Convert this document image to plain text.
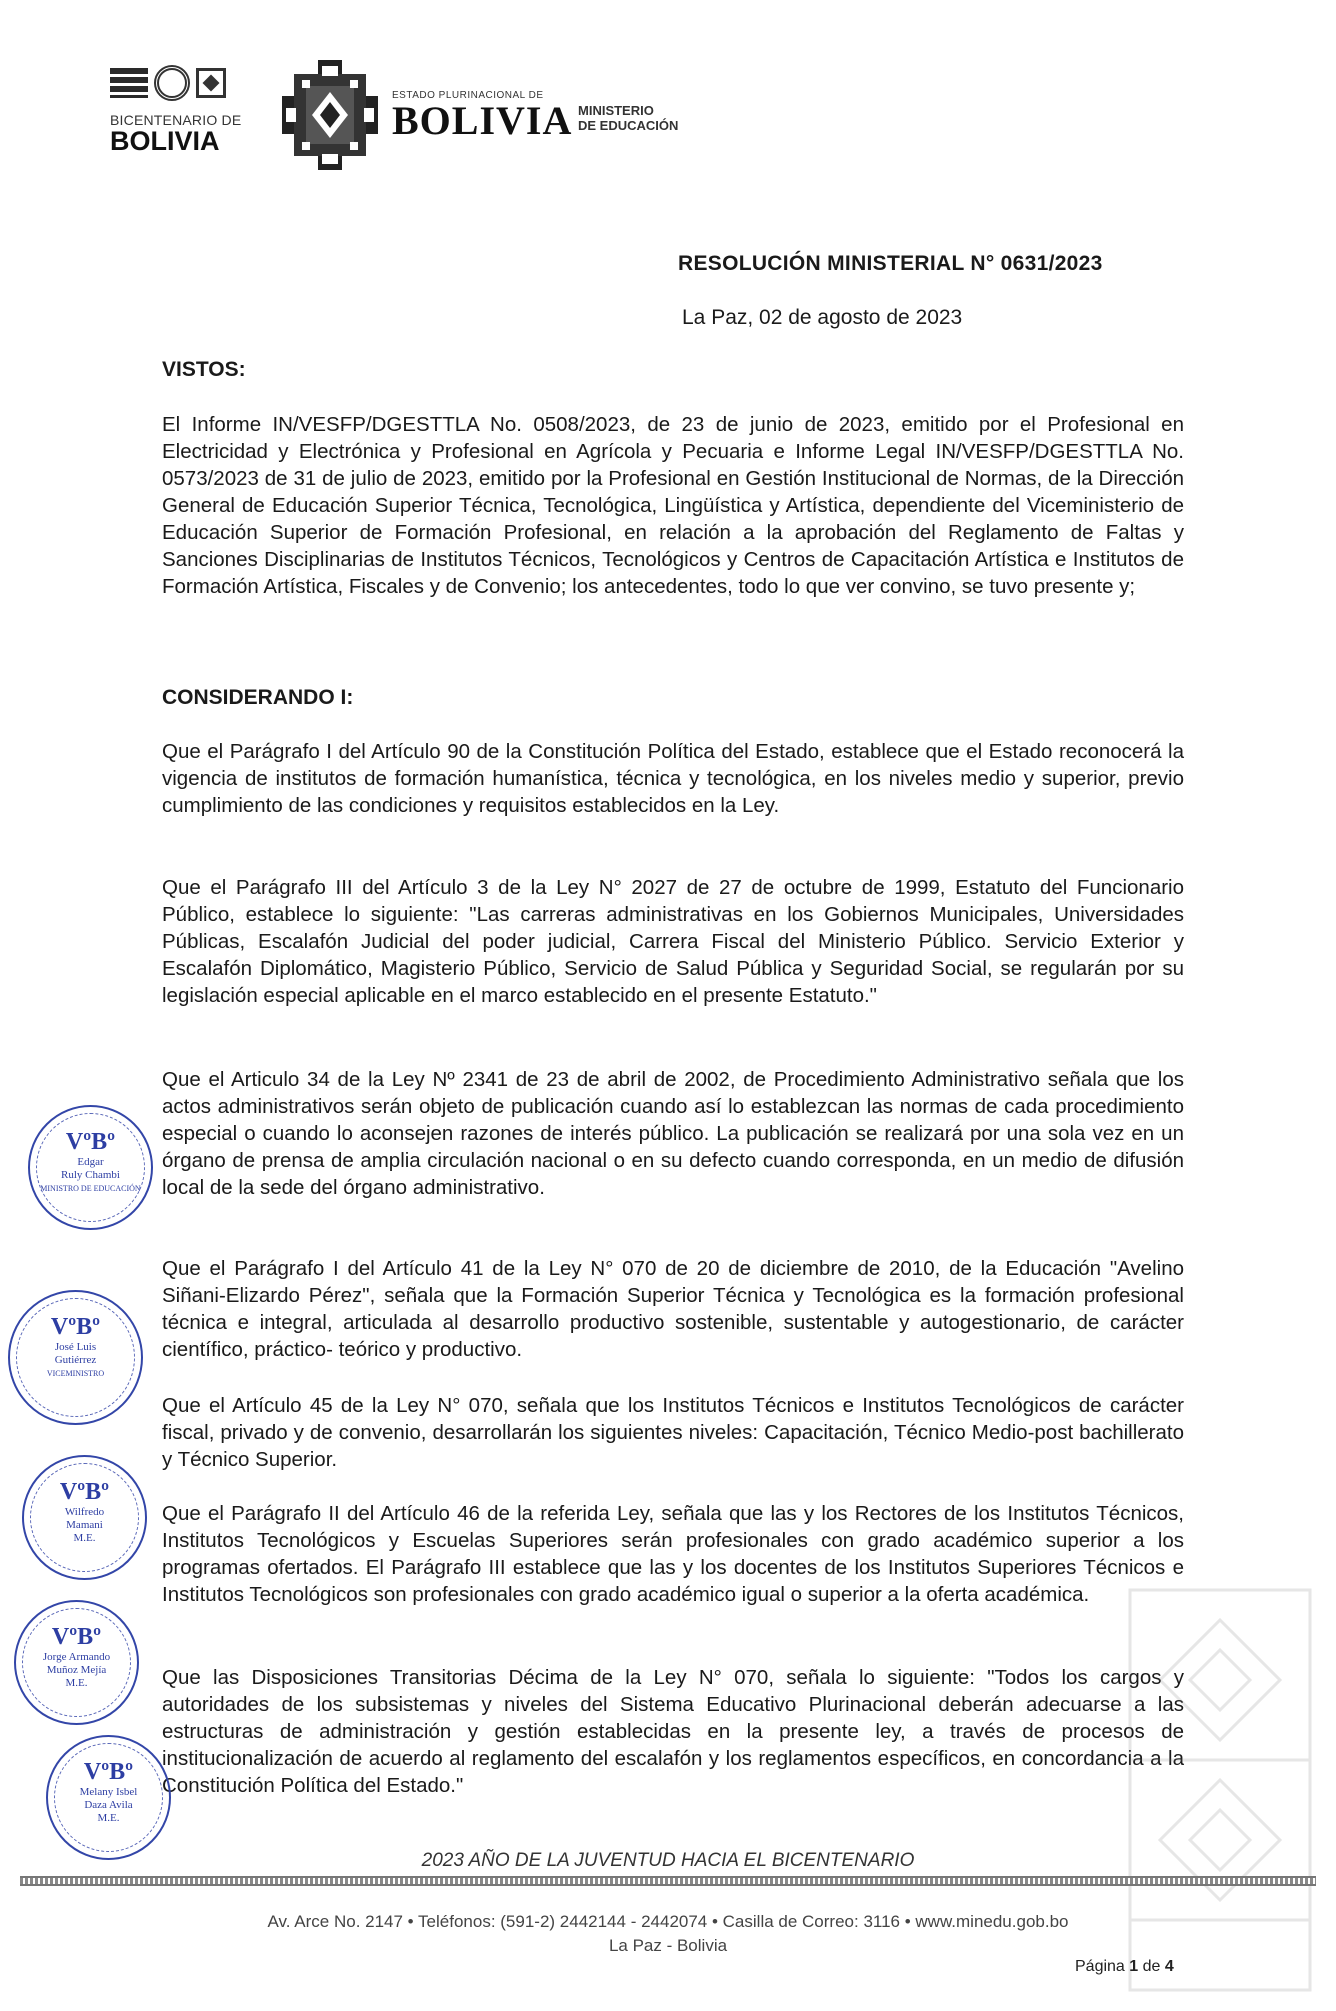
BICENTENARIO DE
BOLIVIA
ESTADO PLURINACIONAL DE
BOLIVIA MINISTERIO
DE EDUCACIÓN
RESOLUCIÓN MINISTERIAL N° 0631/2023
La Paz, 02 de agosto de 2023
VISTOS:
El Informe IN/VESFP/DGESTTLA No. 0508/2023, de 23 de junio de 2023, emitido por el Profesional en Electricidad y Electrónica y Profesional en Agrícola y Pecuaria e Informe Legal IN/VESFP/DGESTTLA No. 0573/2023 de 31 de julio de 2023, emitido por la Profesional en Gestión Institucional de Normas, de la Dirección General de Educación Superior Técnica, Tecnológica, Lingüística y Artística, dependiente del Viceministerio de Educación Superior de Formación Profesional, en relación a la aprobación del Reglamento de Faltas y Sanciones Disciplinarias de Institutos Técnicos, Tecnológicos y Centros de Capacitación Artística e Institutos de Formación Artística, Fiscales y de Convenio; los antecedentes, todo lo que ver convino, se tuvo presente y;
CONSIDERANDO I:
Que el Parágrafo I del Artículo 90 de la Constitución Política del Estado, establece que el Estado reconocerá la vigencia de institutos de formación humanística, técnica y tecnológica, en los niveles medio y superior, previo cumplimiento de las condiciones y requisitos establecidos en la Ley.
Que el Parágrafo III del Artículo 3 de la Ley N° 2027 de 27 de octubre de 1999, Estatuto del Funcionario Público, establece lo siguiente: "Las carreras administrativas en los Gobiernos Municipales, Universidades Públicas, Escalafón Judicial del poder judicial, Carrera Fiscal del Ministerio Público. Servicio Exterior y Escalafón Diplomático, Magisterio Público, Servicio de Salud Pública y Seguridad Social, se regularán por su legislación especial aplicable en el marco establecido en el presente Estatuto."
Que el Articulo 34 de la Ley Nº 2341 de 23 de abril de 2002, de Procedimiento Administrativo señala que los actos administrativos serán objeto de publicación cuando así lo establezcan las normas de cada procedimiento especial o cuando lo aconsejen razones de interés público. La publicación se realizará por una sola vez en un órgano de prensa de amplia circulación nacional o en su defecto cuando corresponda, en un medio de difusión local de la sede del órgano administrativo.
Que el Parágrafo I del Artículo 41 de la Ley N° 070 de 20 de diciembre de 2010, de la Educación "Avelino Siñani-Elizardo Pérez", señala que la Formación Superior Técnica y Tecnológica es la formación profesional técnica e integral, articulada al desarrollo productivo sostenible, sustentable y autogestionario, de carácter científico, práctico- teórico y productivo.
Que el Artículo 45 de la Ley N° 070, señala que los Institutos Técnicos e Institutos Tecnológicos de carácter fiscal, privado y de convenio, desarrollarán los siguientes niveles: Capacitación, Técnico Medio-post bachillerato y Técnico Superior.
Que el Parágrafo II del Artículo 46 de la referida Ley, señala que las y los Rectores de los Institutos Técnicos, Institutos Tecnológicos y Escuelas Superiores serán profesionales con grado académico superior a los programas ofertados. El Parágrafo III establece que las y los docentes de los Institutos Superiores Técnicos e Institutos Tecnológicos son profesionales con grado académico igual o superior a la oferta académica.
Que las Disposiciones Transitorias Décima de la Ley N° 070, señala lo siguiente: "Todos los cargos y autoridades de los subsistemas y niveles del Sistema Educativo Plurinacional deberán adecuarse a las estructuras de administración y gestión establecidas en la presente ley, a través de procesos de institucionalización de acuerdo al reglamento del escalafón y los reglamentos específicos, en concordancia a la Constitución Política del Estado."
VºBº
Edgar
Ruly Chambi
MINISTRO DE EDUCACIÓN
VºBº
José Luis
Gutiérrez
VICEMINISTRO
VºBº
Wilfredo
Mamani
M.E.
VºBº
Jorge Armando
Muñoz Mejía
M.E.
VºBº
Melany Isbel
Daza Avila
M.E.
2023 AÑO DE LA JUVENTUD HACIA EL BICENTENARIO
Av. Arce No. 2147 • Teléfonos: (591-2) 2442144 - 2442074 • Casilla de Correo: 3116 • www.minedu.gob.bo
La Paz - Bolivia
Página 1 de 4
